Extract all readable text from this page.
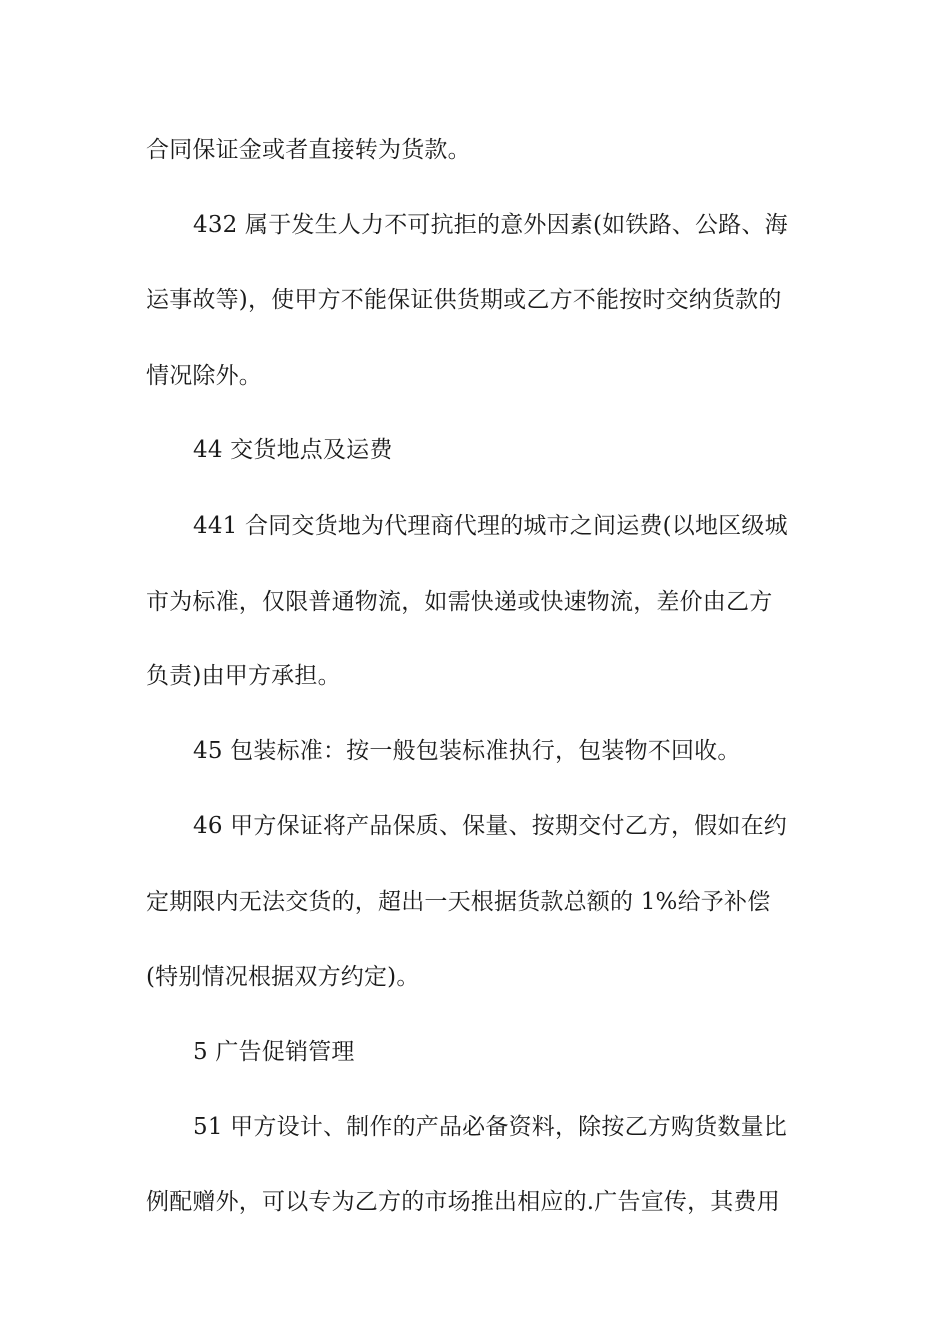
合同保证金或者直接转为货款。
432 属于发生人力不可抗拒的意外因素(如铁路、公路、海
运事故等)，使甲方不能保证供货期或乙方不能按时交纳货款的
情况除外。
44 交货地点及运费
441 合同交货地为代理商代理的城市之间运费(以地区级城
市为标准，仅限普通物流，如需快递或快速物流，差价由乙方
负责)由甲方承担。
45 包装标准：按一般包装标准执行，包装物不回收。
46 甲方保证将产品保质、保量、按期交付乙方，假如在约
定期限内无法交货的，超出一天根据货款总额的 1%给予补偿
(特别情况根据双方约定)。
5 广告促销管理
51 甲方设计、制作的产品必备资料，除按乙方购货数量比
例配赠外，可以专为乙方的市场推出相应的.广告宣传，其费用
